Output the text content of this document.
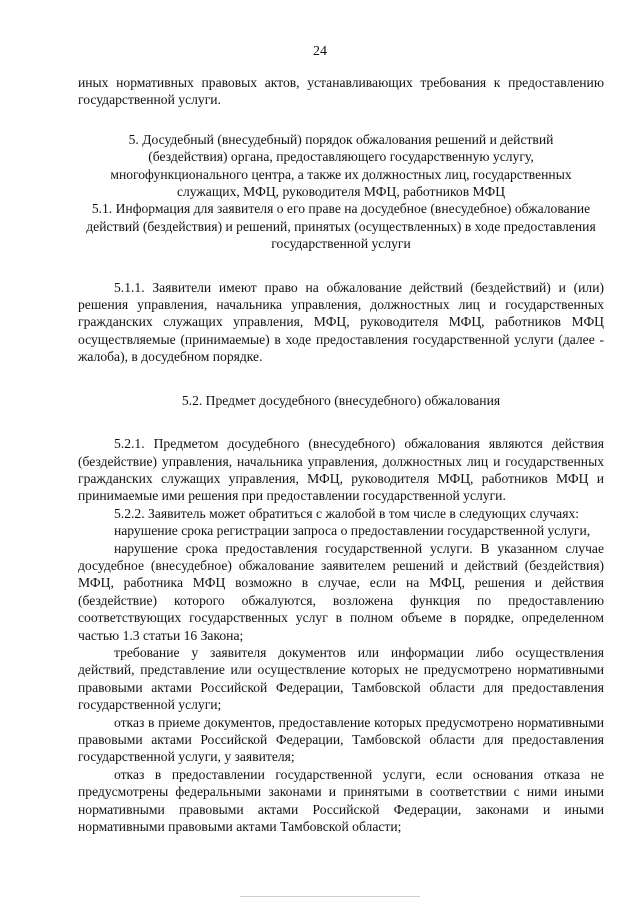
24

иных нормативных правовых актов, устанавливающих требования к предоставлению государственной услуги.

5. Досудебный (внесудебный) порядок обжалования решений и действий (бездействия) органа, предоставляющего государственную услугу, многофункционального центра, а также их должностных лиц, государственных служащих, МФЦ, руководителя МФЦ, работников МФЦ

5.1. Информация для заявителя о его праве на досудебное (внесудебное) обжалование действий (бездействия) и решений, принятых (осуществленных) в ходе предоставления государственной услуги

5.1.1. Заявители имеют право на обжалование действий (бездействий) и (или) решения управления, начальника управления, должностных лиц и государственных гражданских служащих управления, МФЦ, руководителя МФЦ, работников МФЦ осуществляемые (принимаемые) в ходе предоставления государственной услуги (далее - жалоба), в досудебном порядке.

5.2. Предмет досудебного (внесудебного) обжалования

5.2.1. Предметом досудебного (внесудебного) обжалования являются действия (бездействие) управления, начальника управления, должностных лиц и государственных гражданских служащих управления, МФЦ, руководителя МФЦ, работников МФЦ и принимаемые ими решения при предоставлении государственной услуги.

5.2.2. Заявитель может обратиться с жалобой в том числе в следующих случаях:

нарушение срока регистрации запроса о предоставлении государственной услуги,

нарушение срока предоставления государственной услуги. В указанном случае досудебное (внесудебное) обжалование заявителем решений и действий (бездействия) МФЦ, работника МФЦ возможно в случае, если на МФЦ, решения и действия (бездействие) которого обжалуются, возложена функция по предоставлению соответствующих государственных услуг в полном объеме в порядке, определенном частью 1.3 статьи 16 Закона;

требование у заявителя документов или информации либо осуществления действий, представление или осуществление которых не предусмотрено нормативными правовыми актами Российской Федерации, Тамбовской области для предоставления государственной услуги;

отказ в приеме документов, предоставление которых предусмотрено нормативными правовыми актами Российской Федерации, Тамбовской области для предоставления государственной услуги, у заявителя;

отказ в предоставлении государственной услуги, если основания отказа не предусмотрены федеральными законами и принятыми в соответствии с ними иными нормативными правовыми актами Российской Федерации, законами и иными нормативными правовыми актами Тамбовской области;
